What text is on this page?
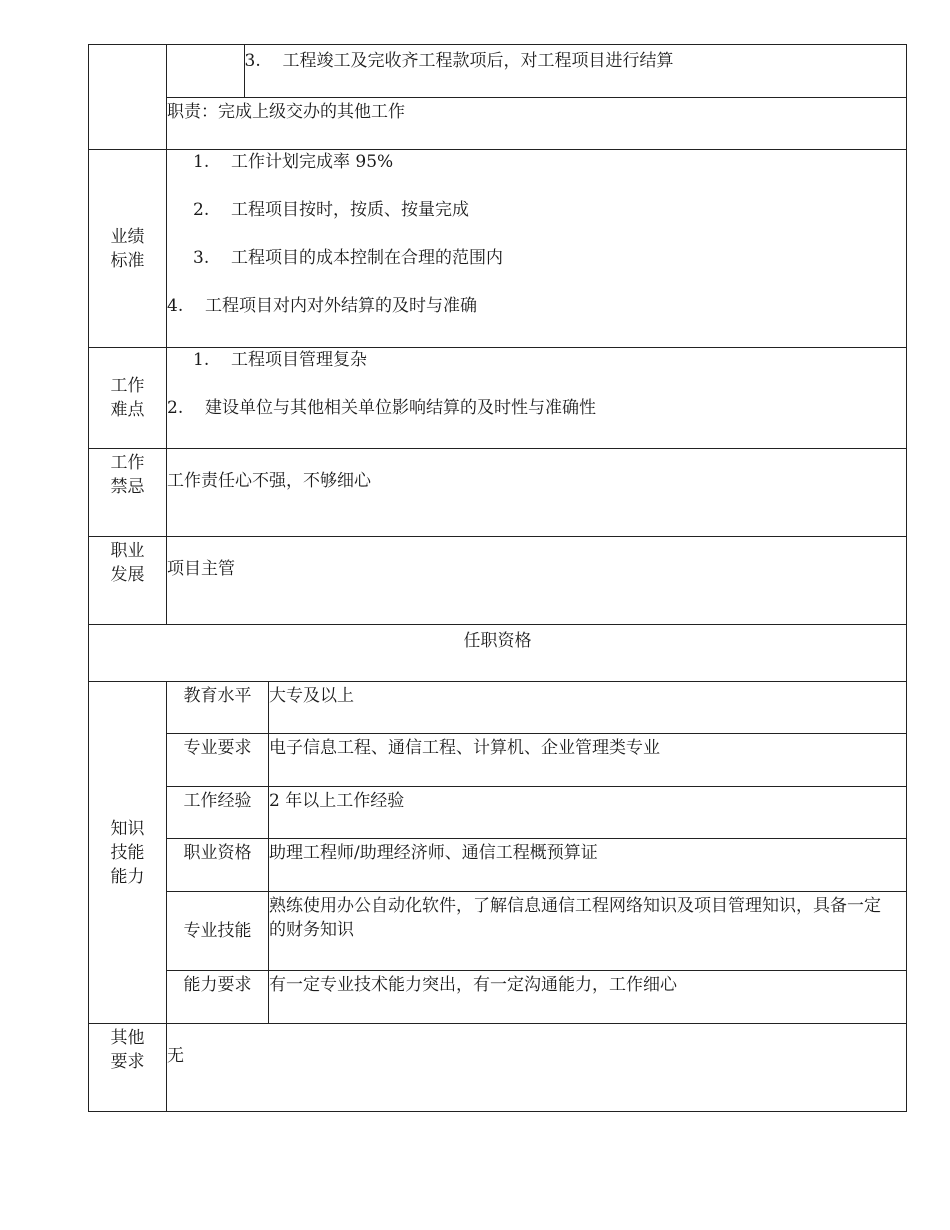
	3. 工程竣工及完收齐工程款项后，对工程项目进行结算

职责：完成上级交办的其他工作
业绩标准	
1.	工作计划完成率 95%
2.	工程项目按时，按质、按量完成
3.	工程项目的成本控制在合理的范围内
4.	工程项目对内对外结算的及时与准确

工作难点	
1.	工程项目管理复杂
2.	建设单位与其他相关单位影响结算的及时性与准确性

工作禁忌	工作责任心不强，不够细心
职业发展	项目主管
任职资格
知识技能能力	教育水平	大专及以上
专业要求	电子信息工程、通信工程、计算机、企业管理类专业
工作经验	2 年以上工作经验
职业资格	助理工程师/助理经济师、通信工程概预算证
专业技能	熟练使用办公自动化软件，了解信息通信工程网络知识及项目管理知识，具备一定的财务知识
能力要求	有一定专业技术能力突出，有一定沟通能力，工作细心
其他要求	无
